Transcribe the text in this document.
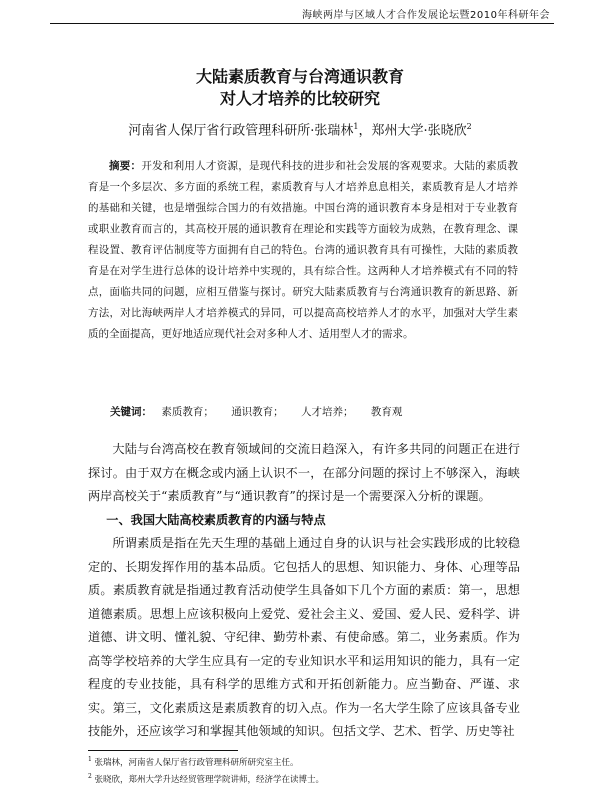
海峡两岸与区域人才合作发展论坛暨2010年科研年会
大陆素质教育与台湾通识教育
对人才培养的比较研究
河南省人保厅省行政管理科研所·张瑞林$^1$，郑州大学·张晓欣$^2$
摘要：开发和利用人才资源，是现代科技的进步和社会发展的客观要求。大陆的素质教育是一个多层次、多方面的系统工程，素质教育与人才培养息息相关，素质教育是人才培养的基础和关键，也是增强综合国力的有效措施。中国台湾的通识教育本身是相对于专业教育或职业教育而言的，其高校开展的通识教育在理论和实践等方面较为成熟，在教育理念、课程设置、教育评估制度等方面拥有自己的特色。台湾的通识教育具有可操性，大陆的素质教育是在对学生进行总体的设计培养中实现的，具有综合性。这两种人才培养模式有不同的特点，面临共同的问题，应相互借鉴与探讨。研究大陆素质教育与台湾通识教育的新思路、新方法，对比海峡两岸人才培养模式的异同，可以提高高校培养人才的水平，加强对大学生素质的全面提高，更好地适应现代社会对多种人才、适用型人才的需求。
关键词： 素质教育； 通识教育； 人才培养； 教育观

大陆与台湾高校在教育领域间的交流日趋深入，有许多共同的问题正在进行探讨。由于双方在概念或内涵上认识不一，在部分问题的探讨上不够深入，海峡两岸高校关于“素质教育”与“通识教育”的探讨是一个需要深入分析的课题。

一、我国大陆高校素质教育的内涵与特点

所谓素质是指在先天生理的基础上通过自身的认识与社会实践形成的比较稳定的、长期发挥作用的基本品质。它包括人的思想、知识能力、身体、心理等品质。素质教育就是指通过教育活动使学生具备如下几个方面的素质：第一，思想道德素质。思想上应该积极向上爱党、爱社会主义、爱国、爱人民、爱科学、讲道德、讲文明、懂礼貌、守纪律、勤劳朴素、有使命感。第二，业务素质。作为高等学校培养的大学生应具有一定的专业知识水平和运用知识的能力，具有一定程度的专业技能，具有科学的思维方式和开拓创新能力。应当勤奋、严谨、求实。第三，文化素质这是素质教育的切入点。作为一名大学生除了应该具备专业技能外，还应该学习和掌握其他领域的知识。包括文学、艺术、哲学、历史等社

$^1$ 张瑞林，河南省人保厅省行政管理科研所研究室主任。
$^2$ 张晓欣，郑州大学升达经贸管理学院讲师，经济学在读博士。
